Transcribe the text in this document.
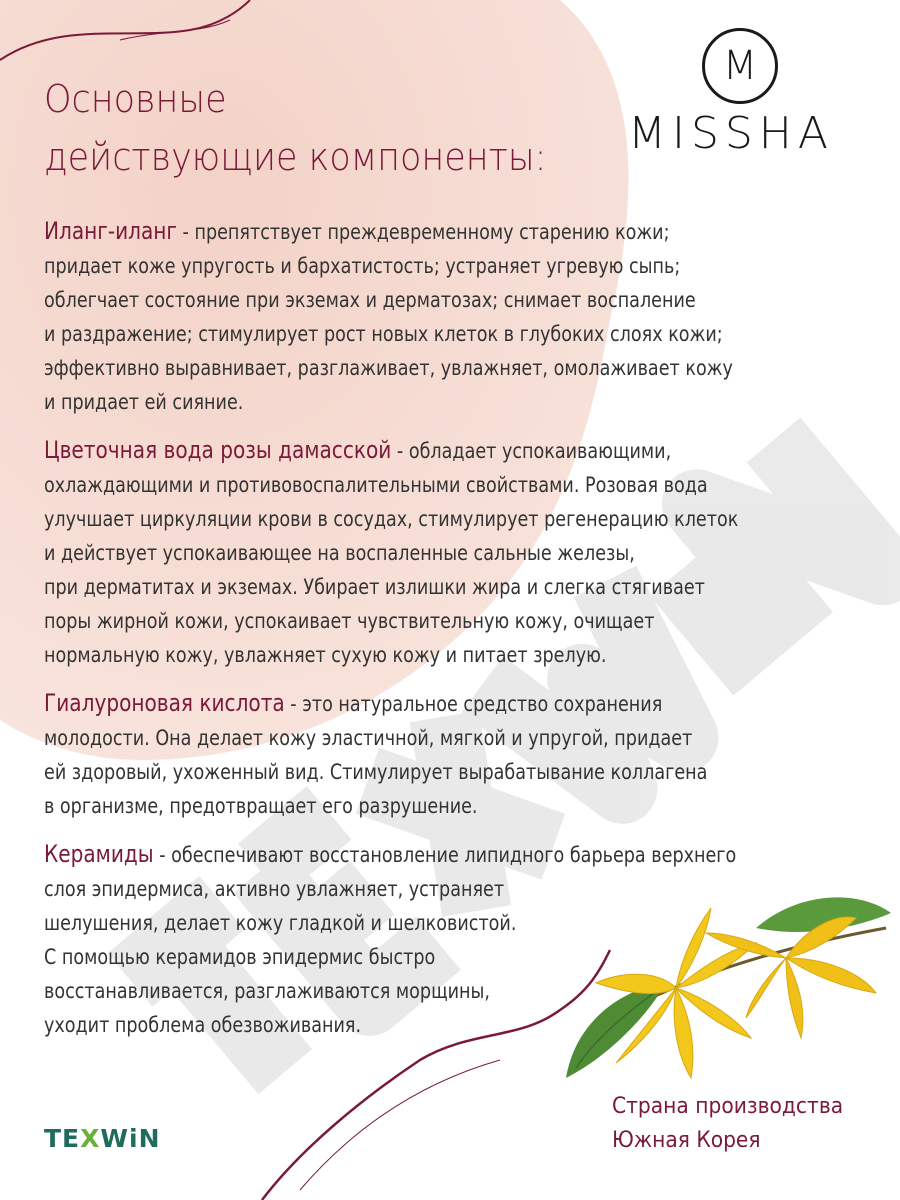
Основные
действующие компоненты:
M
MISSHA
Иланг-иланг - препятствует преждевременному старению кожи;
придает коже упругость и бархатистость; устраняет угревую сыпь;
облегчает состояние при экземах и дерматозах; снимает воспаление
и раздражение; стимулирует рост новых клеток в глубоких слоях кожи;
эффективно выравнивает, разглаживает, увлажняет, омолаживает кожу
и придает ей сияние.
Цветочная вода розы дамасской - обладает успокаивающими,
охлаждающими и противовоспалительными свойствами. Розовая вода
улучшает циркуляции крови в сосудах, стимулирует регенерацию клеток
и действует успокаивающее на воспаленные сальные железы,
при дерматитах и экземах. Убирает излишки жира и слегка стягивает
поры жирной кожи, успокаивает чувствительную кожу, очищает
нормальную кожу, увлажняет сухую кожу и питает зрелую.
Гиалуроновая кислота - это натуральное средство сохранения
молодости. Она делает кожу эластичной, мягкой и упругой, придает
ей здоровый, ухоженный вид. Стимулирует вырабатывание коллагена
в организме, предотвращает его разрушение.
Керамиды - обеспечивают восстановление липидного барьера верхнего
слоя эпидермиса, активно увлажняет, устраняет
шелушения, делает кожу гладкой и шелковистой.
С помощью керамидов эпидермис быстро
восстанавливается, разглаживаются морщины,
уходит проблема обезвоживания.
TEXWiN
Страна производства
Южная Корея
